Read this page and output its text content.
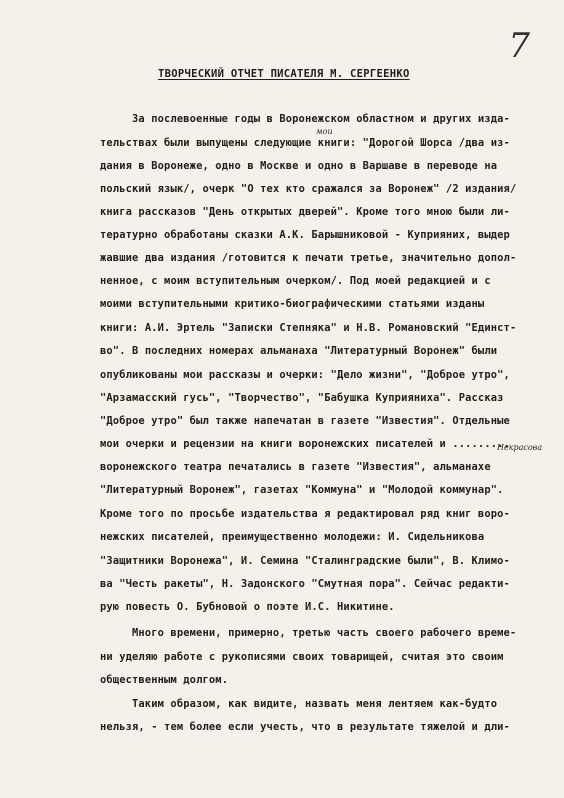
7
ТВОРЧЕСКИЙ ОТЧЕТ ПИСАТЕЛЯ М. СЕРГЕЕНКО
мои
Некрасова
За послевоенные годы в Воронежском областном и других изда-
тельствах были выпущены следующие книги: "Дорогой Шорса /два из-
дания в Воронеже, одно в Москве и одно в Варшаве в переводе на
польский язык/, очерк "О тех кто сражался за Воронеж" /2 издания/
книга рассказов "День открытых дверей". Кроме того мною были ли-
тературно обработаны сказки А.К. Барышниковой - Куприяних, выдер
жавшие два издания /готовится к печати третье, значительно допол-
ненное, с моим вступительным очерком/. Под моей редакцией и с
моими вступительными критико-биографическими статьями изданы
книги: А.И. Эртель "Записки Степняка" и Н.В. Романовский "Единст-
во". В последних номерах альманаха "Литературный Воронеж" были
опубликованы мои рассказы и очерки: "Дело жизни", "Доброе утро",
"Арзамасский гусь", "Творчество", "Бабушка Куприяниха". Рассказ
"Доброе утро" был также напечатан в газете "Известия". Отдельные
мои очерки и рецензии на книги воронежских писателей и .........
воронежского театра печатались в газете "Известия", альманахе
"Литературный Воронеж", газетах "Коммуна" и "Молодой коммунар".
Кроме того по просьбе издательства я редактировал ряд книг воро-
нежских писателей, преимущественно молодежи: И. Сидельникова
"Защитники Воронежа", И. Семина "Сталинградские были", В. Климо-
ва "Честь ракеты", Н. Задонского "Смутная пора". Сейчас редакти-
рую повесть О. Бубновой о поэте И.С. Никитине.
Много времени, примерно, третью часть своего рабочего време-
ни уделяю работе с рукописями своих товарищей, считая это своим
общественным долгом.
Таким образом, как видите, назвать меня лентяем как-будто
нельзя, - тем более если учесть, что в результате тяжелой и дли-
